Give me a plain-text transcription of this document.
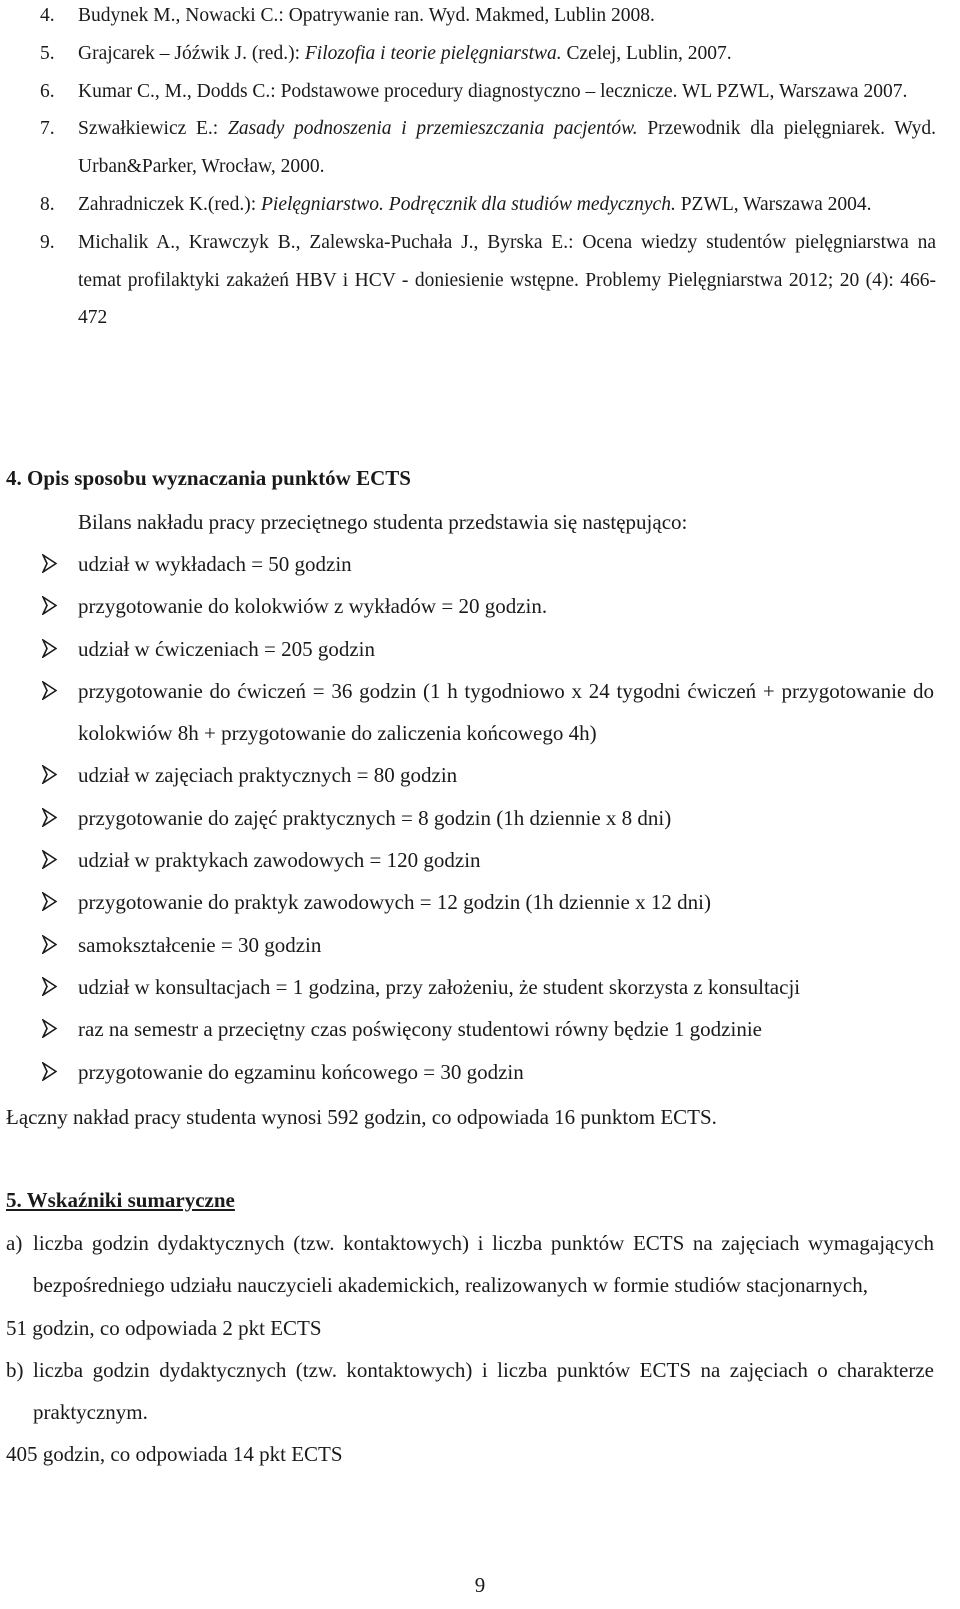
4. Budynek M., Nowacki C.: Opatrywanie ran. Wyd. Makmed, Lublin 2008.
5. Grajcarek – Jóźwik J. (red.): Filozofia i teorie pielęgniarstwa. Czelej, Lublin, 2007.
6. Kumar C., M., Dodds C.: Podstawowe procedury diagnostyczno – lecznicze. WL PZWL, Warszawa 2007.
7. Szwałkiewicz E.: Zasady podnoszenia i przemieszczania pacjentów. Przewodnik dla pielęgniarek. Wyd. Urban&Parker, Wrocław, 2000.
8. Zahradniczek K.(red.): Pielęgniarstwo. Podręcznik dla studiów medycznych. PZWL, Warszawa 2004.
9. Michalik A., Krawczyk B., Zalewska-Puchała J., Byrska E.: Ocena wiedzy studentów pielęgniarstwa na temat profilaktyki zakażeń HBV i HCV - doniesienie wstępne. Problemy Pielęgniarstwa 2012; 20 (4): 466-472
4. Opis sposobu wyznaczania punktów ECTS
Bilans nakładu pracy przeciętnego studenta przedstawia się następująco:
udział w wykładach = 50 godzin
przygotowanie do kolokwiów z wykładów = 20 godzin.
udział w ćwiczeniach = 205 godzin
przygotowanie do ćwiczeń = 36 godzin (1 h tygodniowo x 24 tygodni ćwiczeń + przygotowanie do kolokwiów 8h + przygotowanie do zaliczenia końcowego 4h)
udział w zajęciach praktycznych = 80 godzin
przygotowanie do zajęć praktycznych = 8 godzin (1h dziennie x 8 dni)
udział w praktykach zawodowych = 120 godzin
przygotowanie do praktyk zawodowych = 12 godzin (1h dziennie x 12 dni)
samokształcenie = 30 godzin
udział w konsultacjach = 1 godzina, przy założeniu, że student skorzysta z konsultacji
raz na semestr a przeciętny czas poświęcony studentowi równy będzie 1 godzinie
przygotowanie do egzaminu końcowego = 30 godzin
Łączny nakład pracy studenta wynosi 592 godzin, co odpowiada 16 punktom ECTS.
5. Wskaźniki sumaryczne
a) liczba godzin dydaktycznych (tzw. kontaktowych) i liczba punktów ECTS na zajęciach wymagających bezpośredniego udziału nauczycieli akademickich, realizowanych w formie studiów stacjonarnych,
51 godzin, co odpowiada 2 pkt ECTS
b) liczba godzin dydaktycznych (tzw. kontaktowych) i liczba punktów ECTS na zajęciach o charakterze praktycznym.
405 godzin, co odpowiada 14 pkt ECTS
9
